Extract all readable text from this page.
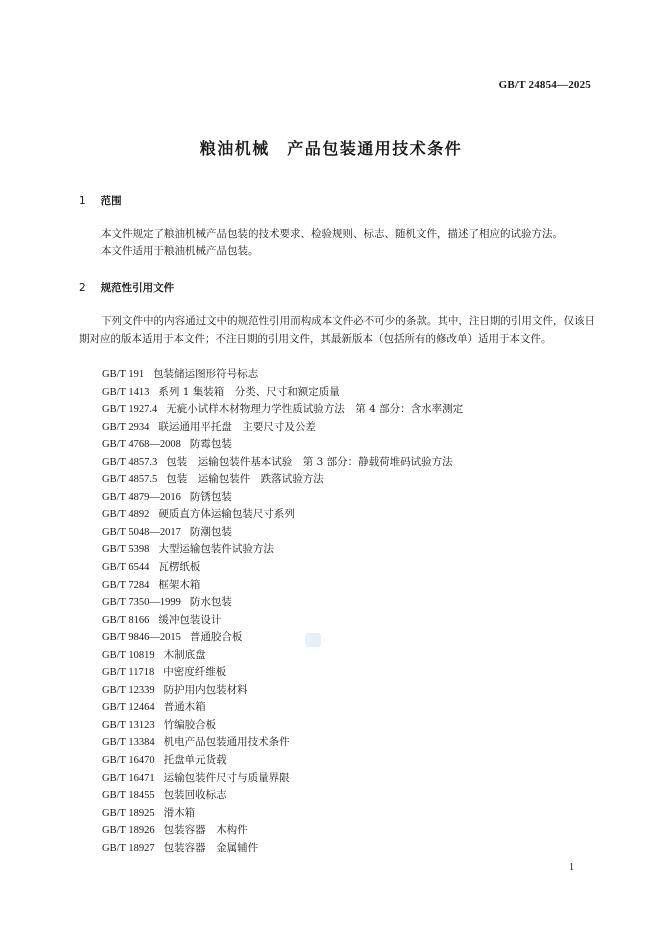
GB/T 24854—2025
粮油机械　产品包装通用技术条件
1 范围
本文件规定了粮油机械产品包装的技术要求、检验规则、标志、随机文件，描述了相应的试验方法。
本文件适用于粮油机械产品包装。
2 规范性引用文件
下列文件中的内容通过文中的规范性引用而构成本文件必不可少的条款。其中，注日期的引用文件，仅该日期对应的版本适用于本文件；不注日期的引用文件，其最新版本（包括所有的修改单）适用于本文件。
GB/T 191 包装储运图形符号标志
GB/T 1413 系列 1 集装箱　分类、尺寸和额定质量
GB/T 1927.4 无疵小试样木材物理力学性质试验方法　第 4 部分：含水率测定
GB/T 2934 联运通用平托盘　主要尺寸及公差
GB/T 4768—2008 防霉包装
GB/T 4857.3 包装　运输包装件基本试验　第 3 部分：静载荷堆码试验方法
GB/T 4857.5 包装　运输包装件　跌落试验方法
GB/T 4879—2016 防锈包装
GB/T 4892 硬质直方体运输包装尺寸系列
GB/T 5048—2017 防潮包装
GB/T 5398 大型运输包装件试验方法
GB/T 6544 瓦楞纸板
GB/T 7284 框架木箱
GB/T 7350—1999 防水包装
GB/T 8166 缓冲包装设计
GB/T 9846—2015 普通胶合板
GB/T 10819 木制底盘
GB/T 11718 中密度纤维板
GB/T 12339 防护用内包装材料
GB/T 12464 普通木箱
GB/T 13123 竹编胶合板
GB/T 13384 机电产品包装通用技术条件
GB/T 16470 托盘单元货载
GB/T 16471 运输包装件尺寸与质量界限
GB/T 18455 包装回收标志
GB/T 18925 滑木箱
GB/T 18926 包装容器　木构件
GB/T 18927 包装容器　金属辅件
1
